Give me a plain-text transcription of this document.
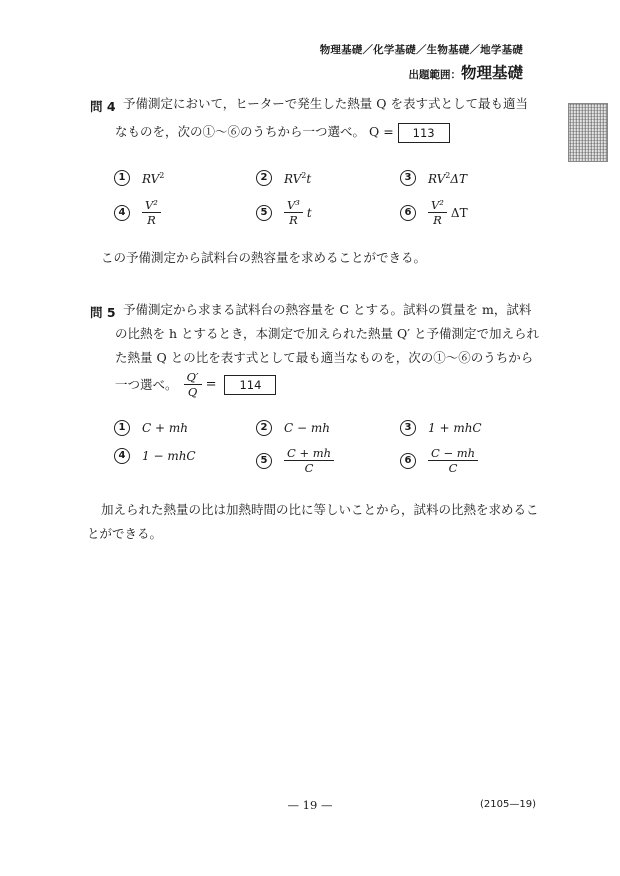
物理基礎／化学基礎／生物基礎／地学基礎
出題範囲：物理基礎
問 4 予備測定において，ヒーターで発生した熱量 Q を表す式として最も適当
なものを，次の①～⑥のうちから一つ選べ。 Q = 113
1	$RV^2$	2	$RV^2t$	3	$RV^2\Delta T$
4	$\frac{\text{V²}}{R}$	5	$\frac{\text{V³}}{R}$ t	6	$\frac{\text{V²}}{R}$ ΔT
この予備測定から試料台の熱容量を求めることができる。
問 5 予備測定から求まる試料台の熱容量を C とする。試料の質量を m，試料
の比熱を h とするとき，本測定で加えられた熱量 Q′ と予備測定で加えられ
た熱量 Q との比を表す式として最も適当なものを，次の①～⑥のうちから
一つ選べ。 $\frac{Q'}{Q}$ =	114
1	C + mh	2	C − mh	3	1 + mhC
4	1 − mhC	5	$\frac{C + mh}{C}$	6	$\frac{C - mh}{C}$
加えられた熱量の比は加熱時間の比に等しいことから，試料の比熱を求めるこ
とができる。
— 19 —	(2105—19)
